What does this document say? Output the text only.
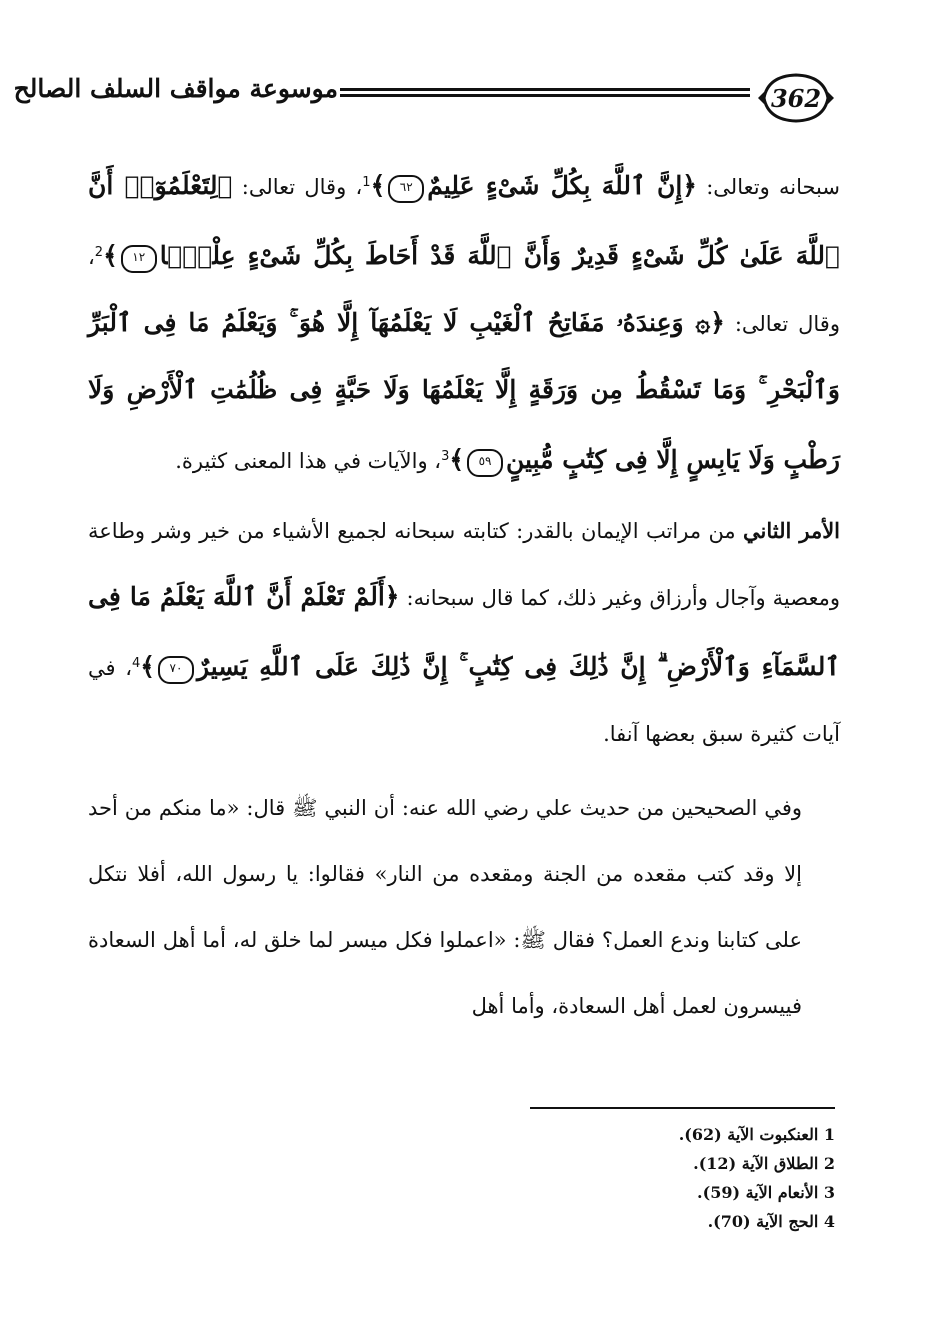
362
موسوعة مواقف السلف الصالح

سبحانه وتعالى: ﴿إِنَّ ٱللَّهَ بِكُلِّ شَىْءٍ عَلِيمٌ٦٢﴾$^1$، وقال تعالى: ﴿لِتَعْلَمُوٓا۟ أَنَّ ٱللَّهَ عَلَىٰ كُلِّ شَىْءٍ قَدِيرٌ وَأَنَّ ٱللَّهَ قَدْ أَحَاطَ بِكُلِّ شَىْءٍ عِلْمًۢا١٢﴾$^2$، وقال تعالى: ﴿۞ وَعِندَهُۥ مَفَاتِحُ ٱلْغَيْبِ لَا يَعْلَمُهَآ إِلَّا هُوَ ۚ وَيَعْلَمُ مَا فِى ٱلْبَرِّ وَٱلْبَحْرِ ۚ وَمَا تَسْقُطُ مِن وَرَقَةٍ إِلَّا يَعْلَمُهَا وَلَا حَبَّةٍ فِى ظُلُمَٰتِ ٱلْأَرْضِ وَلَا رَطْبٍ وَلَا يَابِسٍ إِلَّا فِى كِتَٰبٍ مُّبِينٍ٥٩﴾$^3$، والآيات في هذا المعنى كثيرة.

الأمر الثاني من مراتب الإيمان بالقدر: كتابته سبحانه لجميع الأشياء من خير وشر وطاعة ومعصية وآجال وأرزاق وغير ذلك، كما قال سبحانه: ﴿أَلَمْ تَعْلَمْ أَنَّ ٱللَّهَ يَعْلَمُ مَا فِى ٱلسَّمَآءِ وَٱلْأَرْضِ ۗ إِنَّ ذَٰلِكَ فِى كِتَٰبٍ ۚ إِنَّ ذَٰلِكَ عَلَى ٱللَّهِ يَسِيرٌ٧٠﴾$^4$، في آيات كثيرة سبق بعضها آنفا.

وفي الصحيحين من حديث علي رضي الله عنه: أن النبي ﷺ قال: «ما منكم من أحد إلا وقد كتب مقعده من الجنة ومقعده من النار» فقالوا: يا رسول الله، أفلا نتكل على كتابنا وندع العمل؟ فقال ﷺ: «اعملوا فكل ميسر لما خلق له، أما أهل السعادة فييسرون لعمل أهل السعادة، وأما أهل

1 العنكبوت الآية (62).
2 الطلاق الآية (12).
3 الأنعام الآية (59).
4 الحج الآية (70).
